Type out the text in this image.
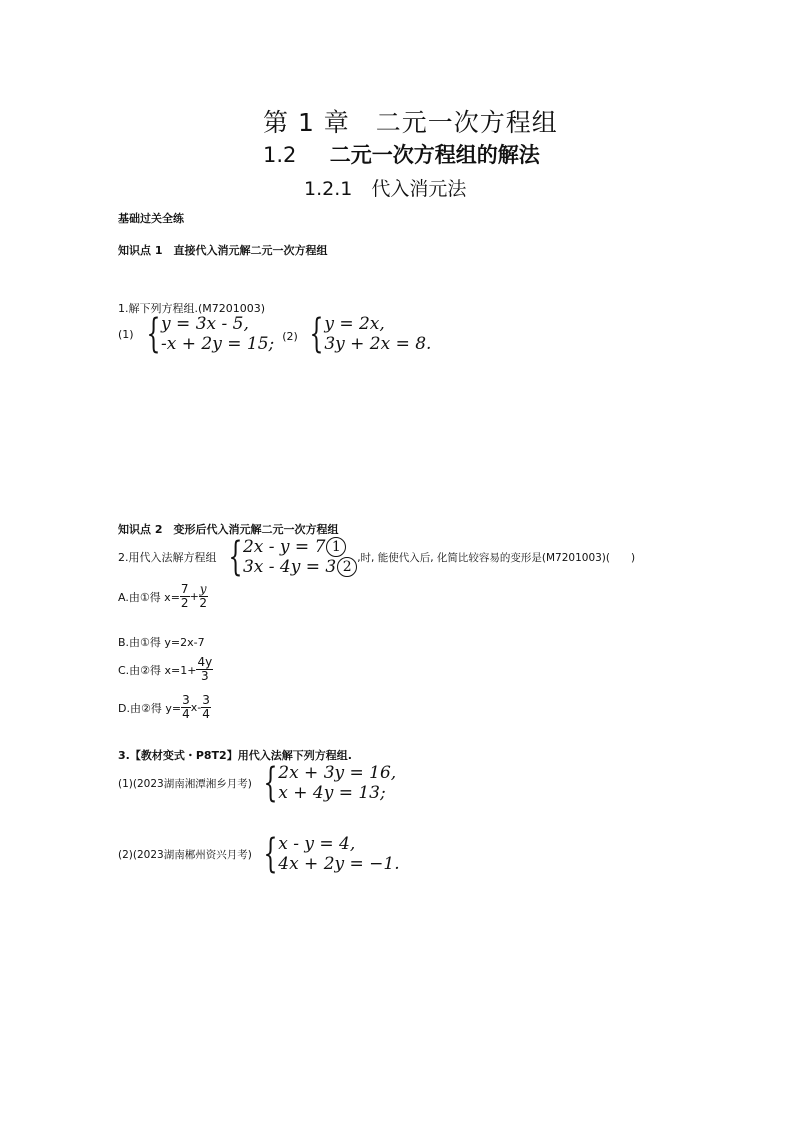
第 1 章　二元一次方程组
1.2 二元一次方程组的解法
1.2.1　代入消元法
基础过关全练
知识点 1　直接代入消元解二元一次方程组
1.解下列方程组.(M7201003)
(1) { y = 3x - 5,
-x + 2y = 15; (2) { y = 2x,
3y + 2x = 8.
知识点 2　变形后代入消元解二元一次方程组
2.用代入法解方程组 { 2x - y = 7 1
3x - 4y = 3 2
,时, 能使代入后, 化简比较容易的变形是(M7201003)(　　)
A.由①得 $x= \frac{7}{2} + \frac{y}{2}$
B.由①得 y=2x-7
C.由②得 $x=1+ \frac{4y}{3}$
D.由②得 $y= \frac{3}{4} x- \frac{3}{4}$
3.【教材变式・P8T2】用代入法解下列方程组.
(1)(2023湖南湘潭湘乡月考) { 2x + 3y = 16,
x + 4y = 13;
(2)(2023湖南郴州资兴月考) { x - y = 4,
4x + 2y = −1.
